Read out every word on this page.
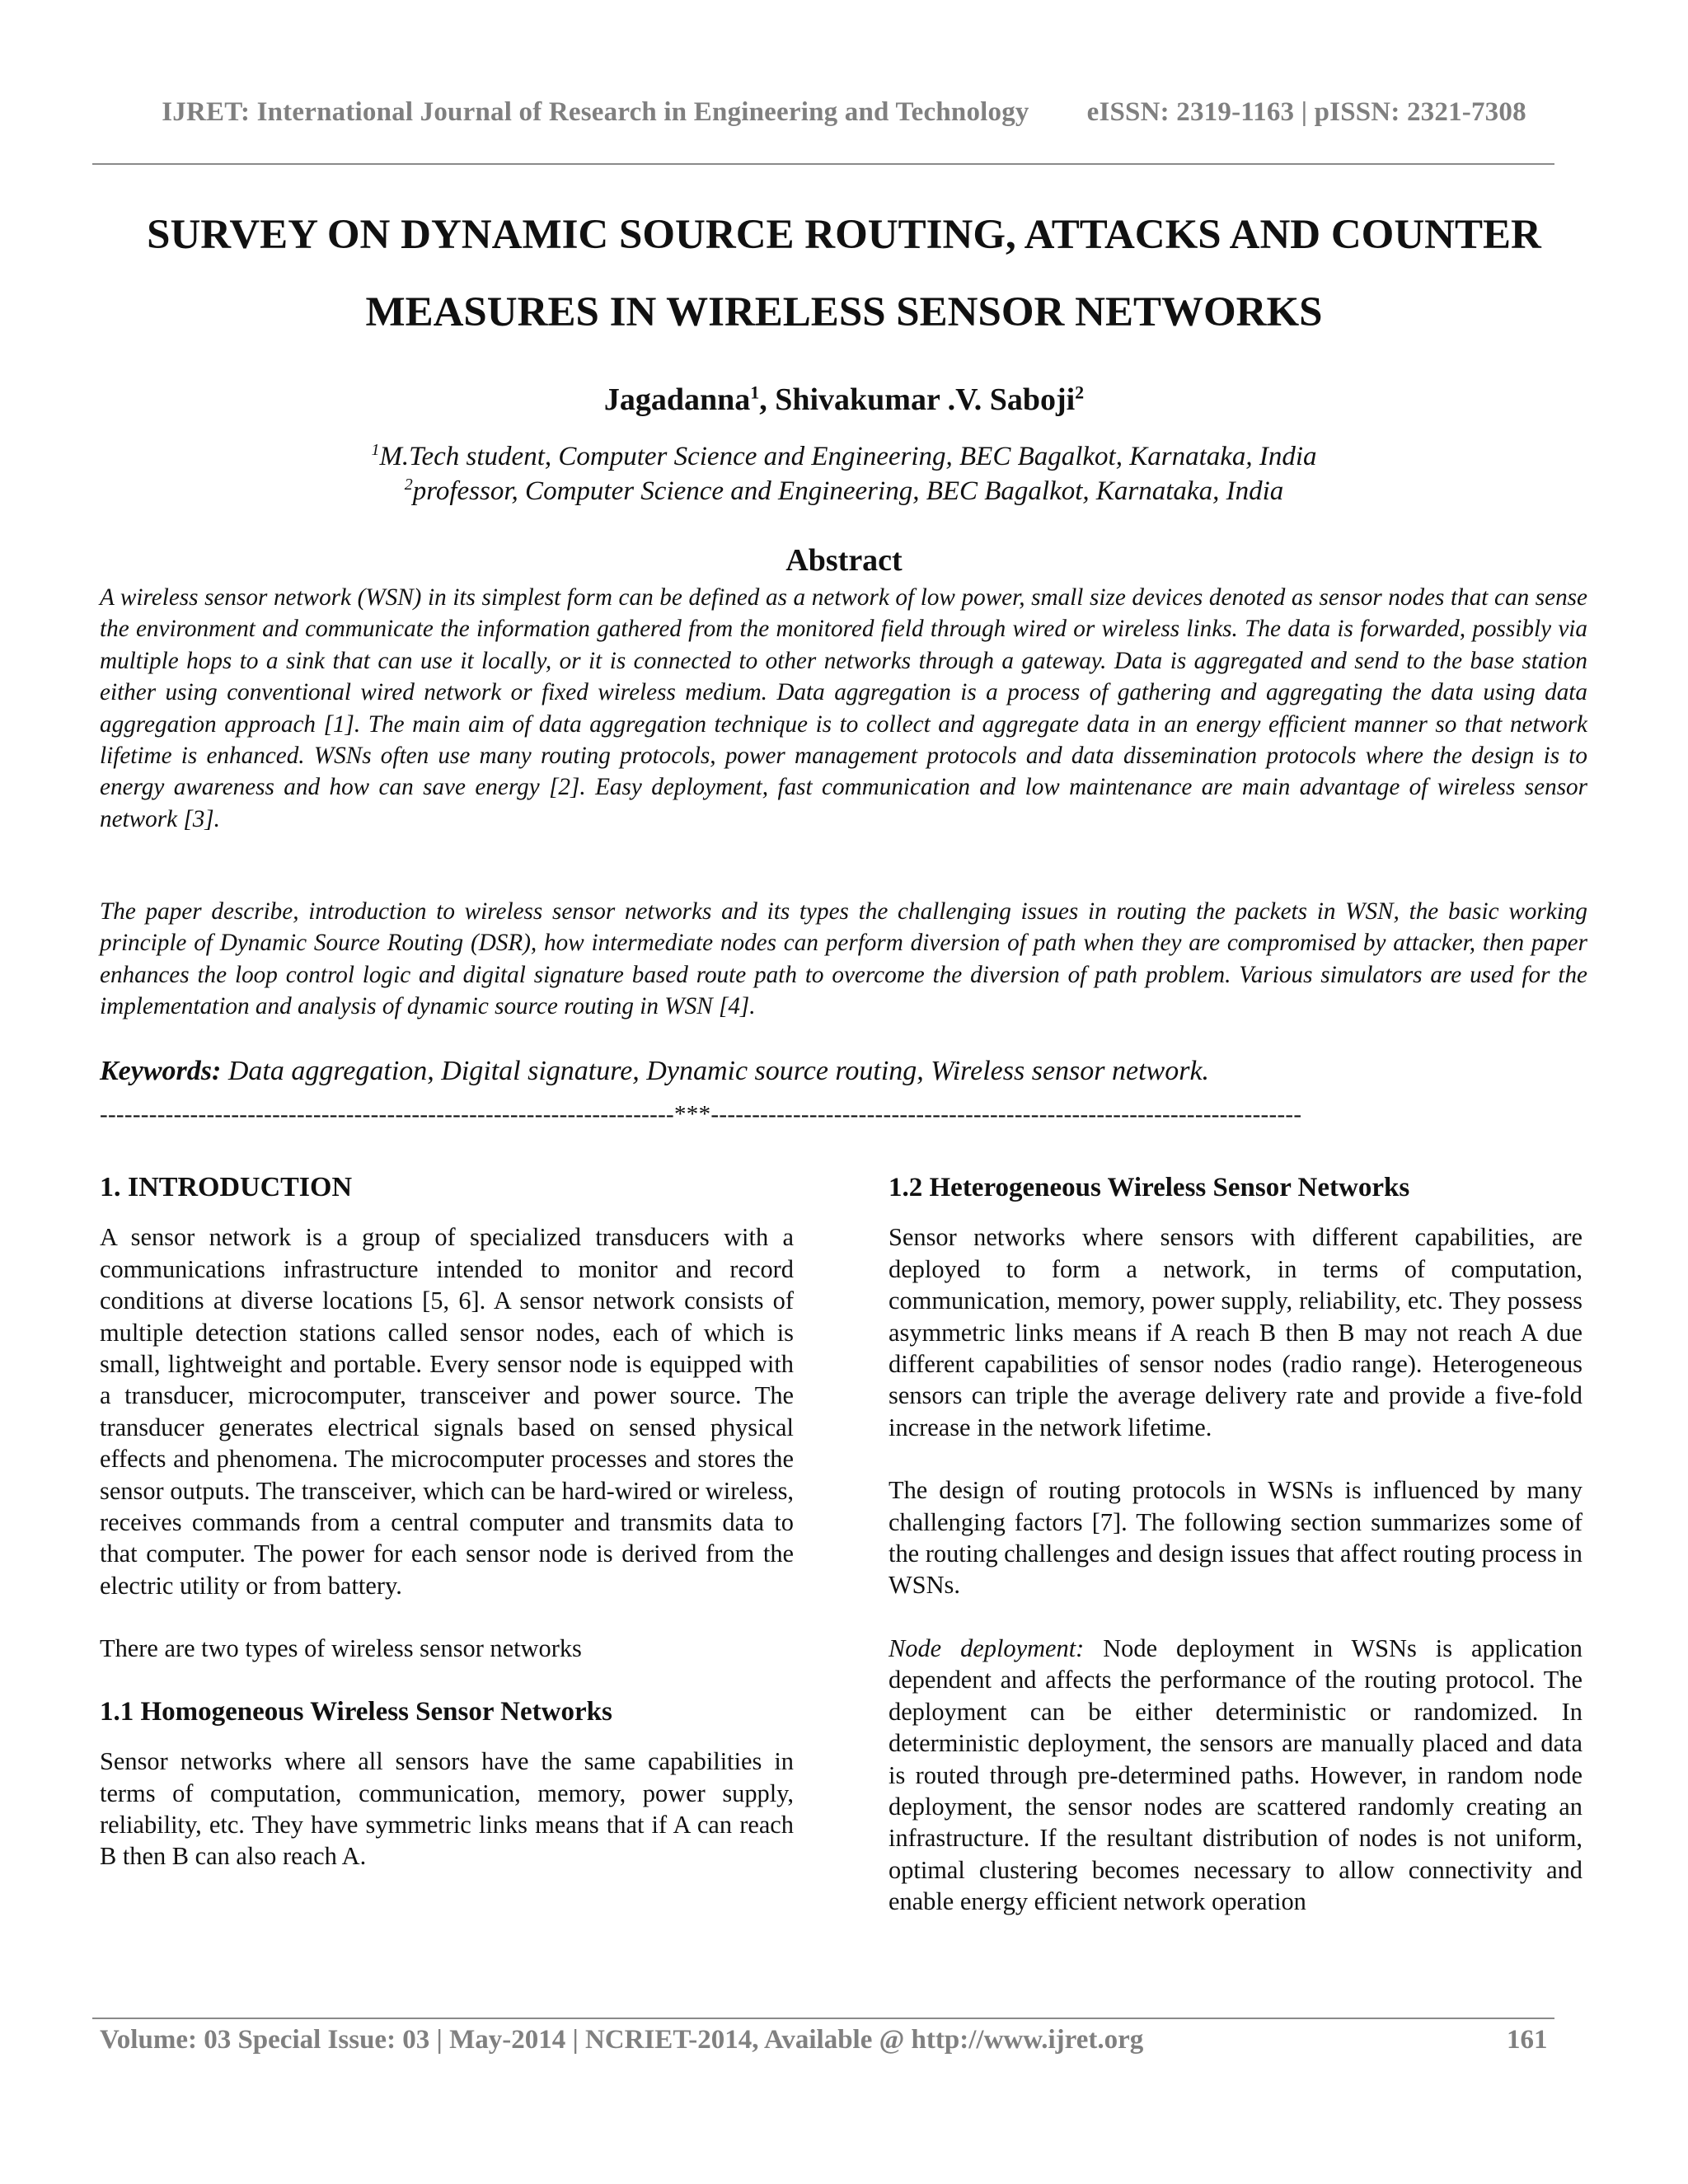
IJRET: International Journal of Research in Engineering and Technology eISSN: 2319-1163 | pISSN: 2321-7308
SURVEY ON DYNAMIC SOURCE ROUTING, ATTACKS AND COUNTER
MEASURES IN WIRELESS SENSOR NETWORKS
Jagadanna$^1$, Shivakumar .V. Saboji$^2$
$^1$M.Tech student, Computer Science and Engineering, BEC Bagalkot, Karnataka, India
$^2$professor, Computer Science and Engineering, BEC Bagalkot, Karnataka, India
Abstract

A wireless sensor network (WSN) in its simplest form can be defined as a network of low power, small size devices denoted as sensor nodes that can sense the environment and communicate the information gathered from the monitored field through wired or wireless links. The data is forwarded, possibly via multiple hops to a sink that can use it locally, or it is connected to other networks through a gateway. Data is aggregated and send to the base station either using conventional wired network or fixed wireless medium. Data aggregation is a process of gathering and aggregating the data using data aggregation approach [1]. The main aim of data aggregation technique is to collect and aggregate data in an energy efficient manner so that network lifetime is enhanced. WSNs often use many routing protocols, power management protocols and data dissemination protocols where the design is to energy awareness and how can save energy [2]. Easy deployment, fast communication and low maintenance are main advantage of wireless sensor network [3].

The paper describe, introduction to wireless sensor networks and its types the challenging issues in routing the packets in WSN, the basic working principle of Dynamic Source Routing (DSR), how intermediate nodes can perform diversion of path when they are compromised by attacker, then paper enhances the loop control logic and digital signature based route path to overcome the diversion of path problem. Various simulators are used for the implementation and analysis of dynamic source routing in WSN [4].

Keywords: Data aggregation, Digital signature, Dynamic source routing, Wireless sensor network.
----------------------------------------------------------------------***------------------------------------------------------------------------
1. INTRODUCTION

A sensor network is a group of specialized transducers with a communications infrastructure intended to monitor and record conditions at diverse locations [5, 6]. A sensor network consists of multiple detection stations called sensor nodes, each of which is small, lightweight and portable. Every sensor node is equipped with a transducer, microcomputer, transceiver and power source. The transducer generates electrical signals based on sensed physical effects and phenomena. The microcomputer processes and stores the sensor outputs. The transceiver, which can be hard-wired or wireless, receives commands from a central computer and transmits data to that computer. The power for each sensor node is derived from the electric utility or from battery.

There are two types of wireless sensor networks

1.1 Homogeneous Wireless Sensor Networks

Sensor networks where all sensors have the same capabilities in terms of computation, communication, memory, power supply, reliability, etc. They have symmetric links means that if A can reach B then B can also reach A.

1.2 Heterogeneous Wireless Sensor Networks

Sensor networks where sensors with different capabilities, are deployed to form a network, in terms of computation, communication, memory, power supply, reliability, etc. They possess asymmetric links means if A reach B then B may not reach A due different capabilities of sensor nodes (radio range). Heterogeneous sensors can triple the average delivery rate and provide a five-fold increase in the network lifetime.

The design of routing protocols in WSNs is influenced by many challenging factors [7]. The following section summarizes some of the routing challenges and design issues that affect routing process in WSNs.

Node deployment: Node deployment in WSNs is application dependent and affects the performance of the routing protocol. The deployment can be either deterministic or randomized. In deterministic deployment, the sensors are manually placed and data is routed through pre-determined paths. However, in random node deployment, the sensor nodes are scattered randomly creating an infrastructure. If the resultant distribution of nodes is not uniform, optimal clustering becomes necessary to allow connectivity and enable energy efficient network operation

Volume: 03 Special Issue: 03 | May-2014 | NCRIET-2014, Available @ http://www.ijret.org	161
